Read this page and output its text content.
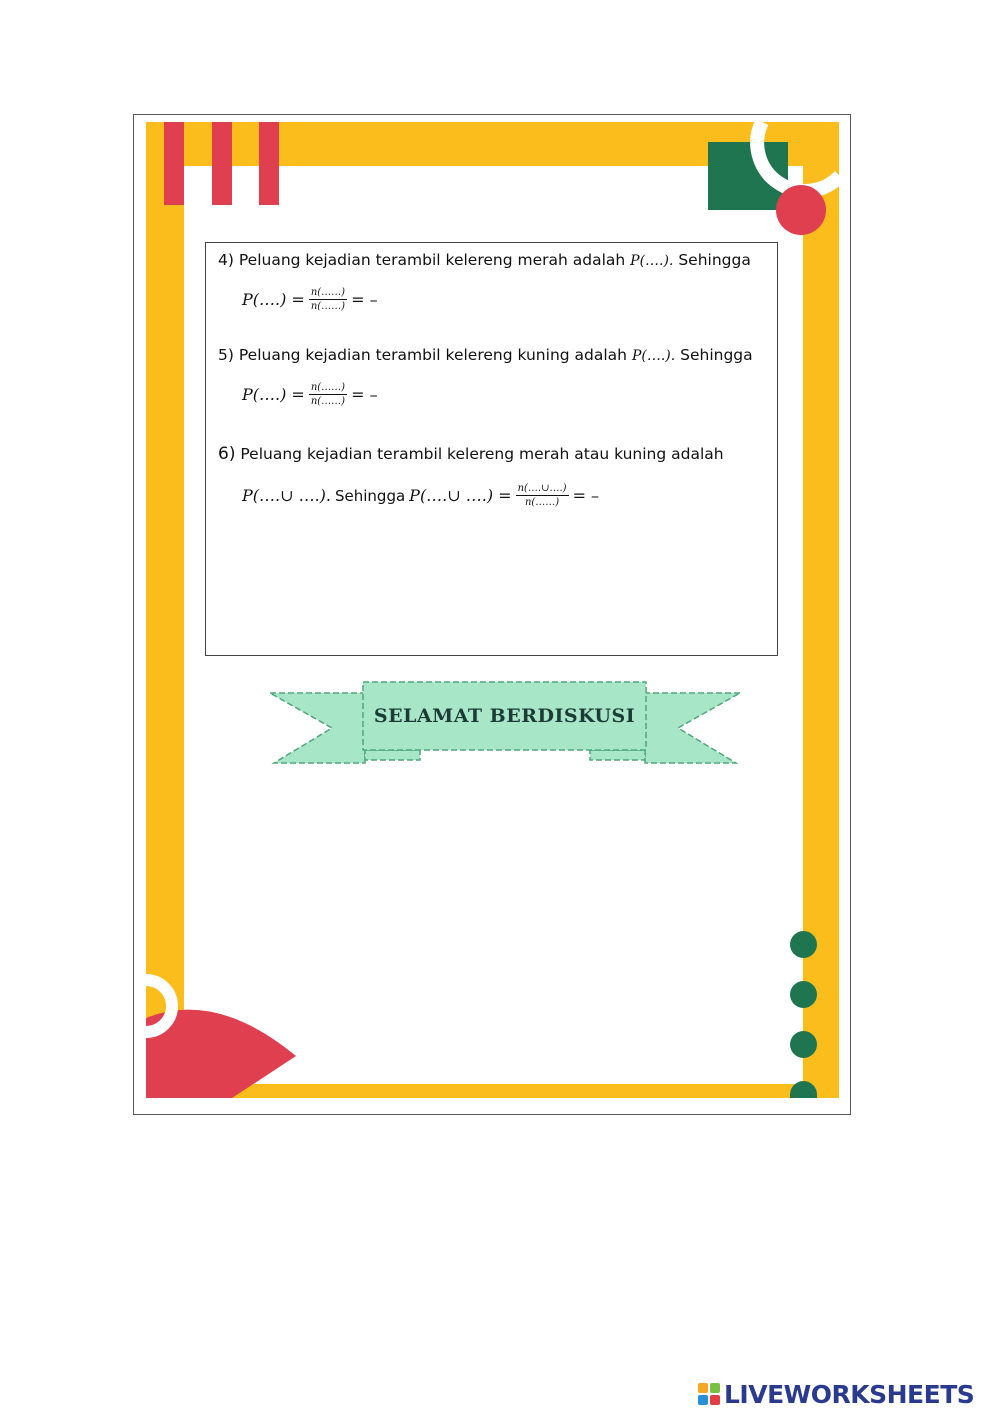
4) Peluang kejadian terambil kelereng merah adalah P(….). Sehingga
P(….) = $\frac{n(\dots\dots)}{n(\dots\dots)}$ = –
5) Peluang kejadian terambil kelereng kuning adalah P(….). Sehingga
P(….) = $\frac{n(\dots\dots)}{n(\dots\dots)}$ = –
6) Peluang kejadian terambil kelereng merah atau kuning adalah
P(….∪ ….). Sehingga P(….∪ ….) = $\frac{n(\dots.\cup\dots.)}{n(\dots\dots)}$ = –
SELAMAT BERDISKUSI
LIVEWORKSHEETS
